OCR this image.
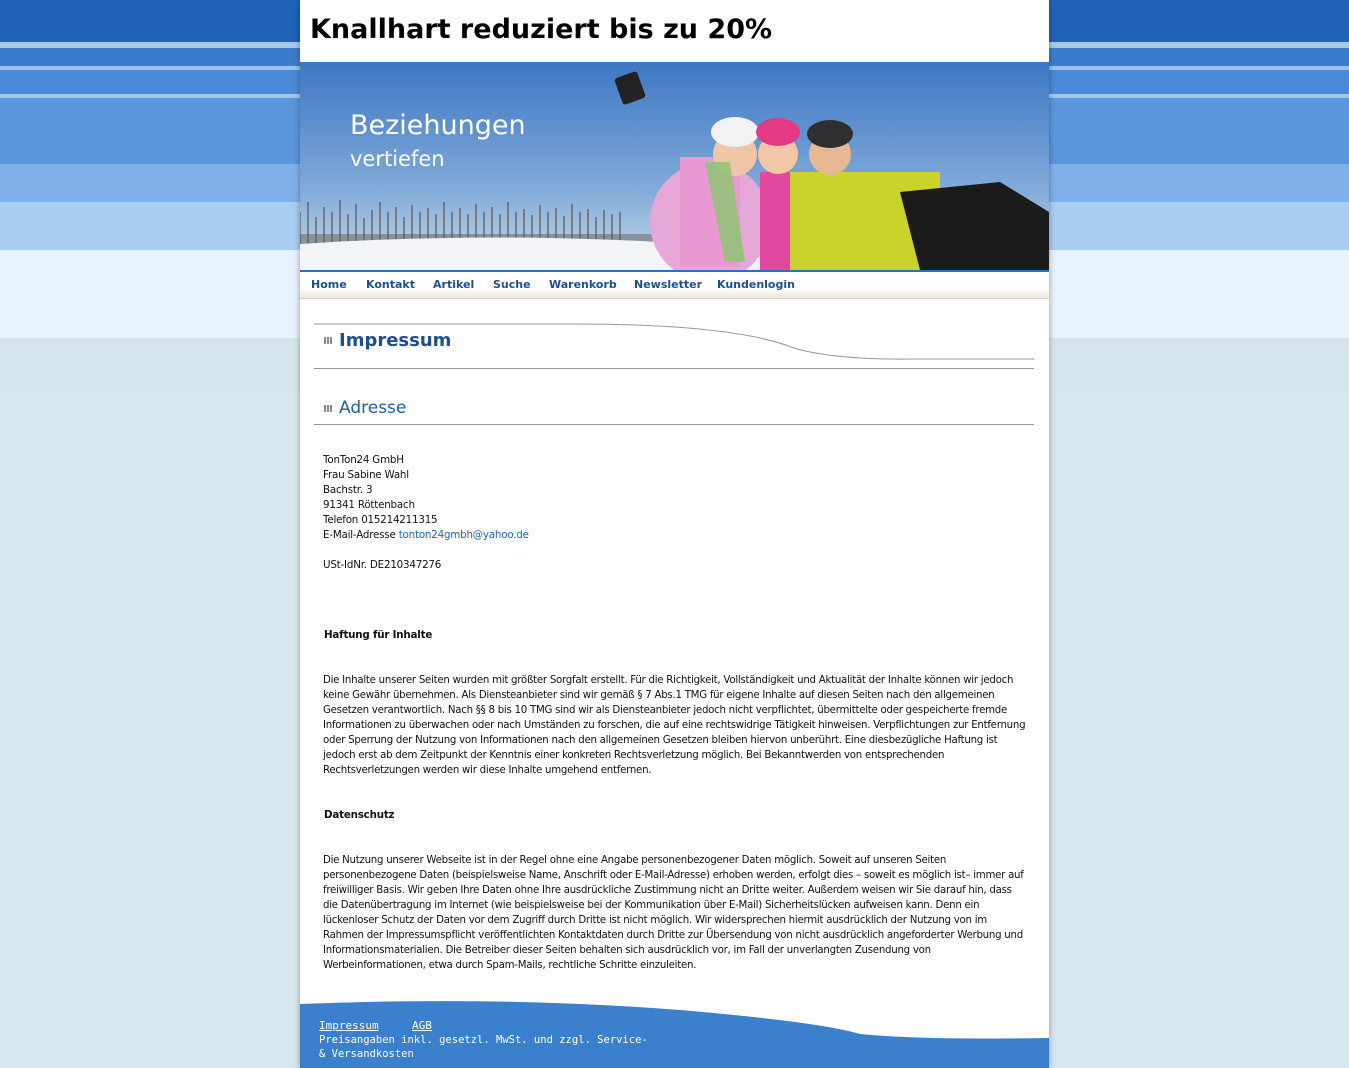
Knallhart reduziert bis zu 20%
Beziehungen
vertiefen
Home Kontakt Artikel Suche Warenkorb Newsletter Kundenlogin
Impressum
Adresse
TonTon24 GmbH
Frau Sabine Wahl
Bachstr. 3
91341 Röttenbach
Telefon 015214211315
E-Mail-Adresse tonton24gmbh@yahoo.de
USt-IdNr. DE210347276
Haftung für Inhalte

Die Inhalte unserer Seiten wurden mit größter Sorgfalt erstellt. Für die Richtigkeit, Vollständigkeit und Aktualität der Inhalte können wir jedoch keine Gewähr übernehmen. Als Diensteanbieter sind wir gemäß § 7 Abs.1 TMG für eigene Inhalte auf diesen Seiten nach den allgemeinen Gesetzen verantwortlich. Nach §§ 8 bis 10 TMG sind wir als Diensteanbieter jedoch nicht verpflichtet, übermittelte oder gespeicherte fremde Informationen zu überwachen oder nach Umständen zu forschen, die auf eine rechtswidrige Tätigkeit hinweisen. Verpflichtungen zur Entfernung oder Sperrung der Nutzung von Informationen nach den allgemeinen Gesetzen bleiben hiervon unberührt. Eine diesbezügliche Haftung ist jedoch erst ab dem Zeitpunkt der Kenntnis einer konkreten Rechtsverletzung möglich. Bei Bekanntwerden von entsprechenden Rechtsverletzungen werden wir diese Inhalte umgehend entfernen.

Datenschutz

Die Nutzung unserer Webseite ist in der Regel ohne eine Angabe personenbezogener Daten möglich. Soweit auf unseren Seiten personenbezogene Daten (beispielsweise Name, Anschrift oder E-Mail-Adresse) erhoben werden, erfolgt dies – soweit es möglich ist– immer auf freiwilliger Basis. Wir geben Ihre Daten ohne Ihre ausdrückliche Zustimmung nicht an Dritte weiter. Außerdem weisen wir Sie darauf hin, dass die Datenübertragung im Internet (wie beispielsweise bei der Kommunikation über E-Mail) Sicherheitslücken aufweisen kann. Denn ein lückenloser Schutz der Daten vor dem Zugriff durch Dritte ist nicht möglich. Wir widersprechen hiermit ausdrücklich der Nutzung von im Rahmen der Impressumspflicht veröffentlichten Kontaktdaten durch Dritte zur Übersendung von nicht ausdrücklich angeforderter Werbung und Informationsmaterialien. Die Betreiber dieser Seiten behalten sich ausdrücklich vor, im Fall der unverlangten Zusendung von Werbeinformationen, etwa durch Spam-Mails, rechtliche Schritte einzuleiten.

Impressum	AGB

Preisangaben inkl. gesetzl. MwSt. und zzgl. Service- & Versandkosten
